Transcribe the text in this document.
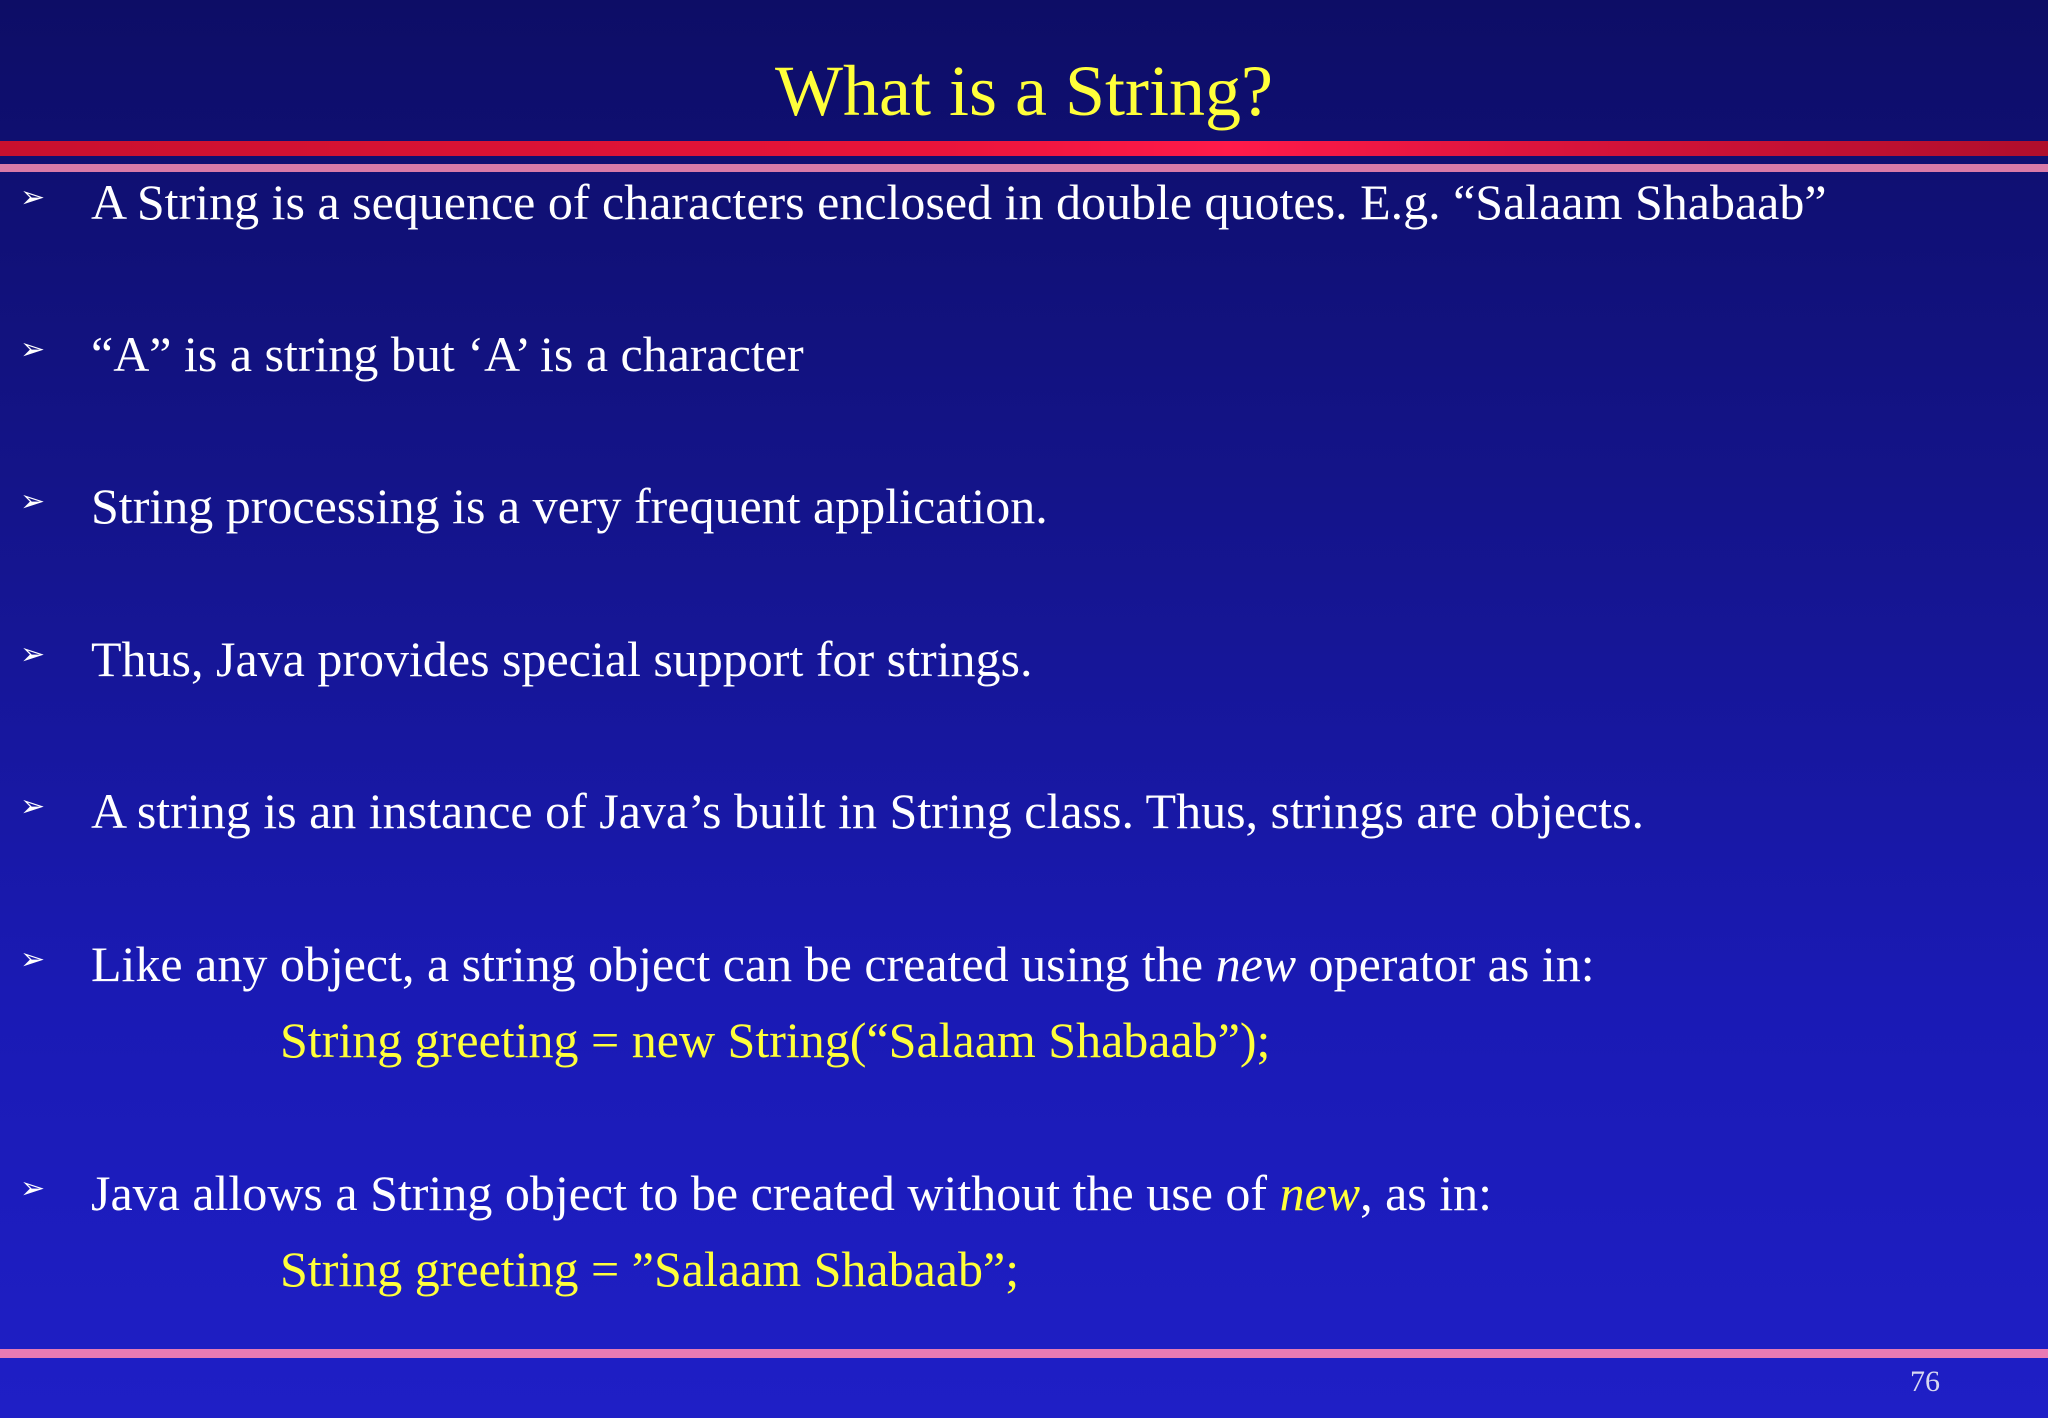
What is a String?
➢ A String is a sequence of characters enclosed in double quotes. E.g. “Salaam Shabaab”
➢ “A” is a string but ‘A’ is a character
➢ String processing is a very frequent application.
➢ Thus, Java provides special support for strings.
➢ A string is an instance of Java’s built in String class. Thus, strings are objects.
➢ Like any object, a string object can be created using the new operator as in:
String greeting = new String(“Salaam Shabaab”);
➢ Java allows a String object to be created without the use of new, as in:
String greeting = ”Salaam Shabaab”;
76
